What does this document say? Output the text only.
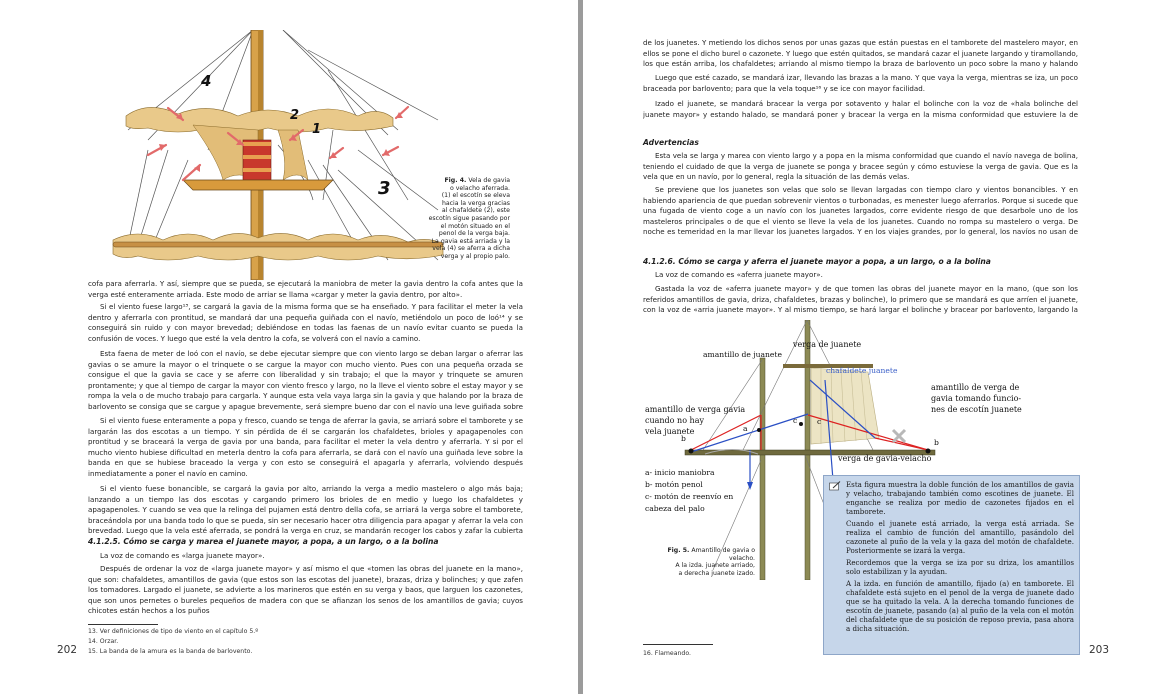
4
2
1
3	Fig. 4. Vela de gavia
o velacho aferrada.
(1) el escotín se eleva
hacia la verga gracias
al chafaldete (2), este
escotín sigue pasando por
el motón situado en el
penol de la verga baja.
La gavia está arriada y la
vela (4) se aferra a dicha
verga y al propio palo.

cofa para aferrarla. Y así, siempre que se pueda, se ejecutará la maniobra de meter la gavia dentro la cofa antes que la verga esté enteramente arriada. Este modo de arriar se llama «cargar y meter la gavia dentro, por alto».

Si el viento fuese largo¹³, se cargará la gavia de la misma forma que se ha enseñado. Y para facilitar el meter la vela dentro y aferrarla con prontitud, se mandará dar una pequeña guiñada con el navío, metiéndolo un poco de loó¹⁴ y se conseguirá sin ruido y con mayor brevedad; debiéndose en todas las faenas de un navío evitar cuanto se pueda la confusión de voces. Y luego que esté la vela dentro la cofa, se volverá con el navío a camino.

Esta faena de meter de loó con el navío, se debe ejecutar siempre que con viento largo se deban largar o aferrar las gavias o se amure la mayor o el trinquete o se cargue la mayor con mucho viento. Pues con una pequeña orzada se consigue el que la gavia se cace y se aferre con liberalidad y sin trabajo; el que la mayor y trinquete se amuren prontamente; y que al tiempo de cargar la mayor con viento fresco y largo, no la lleve el viento sobre el estay mayor y se rompa la vela o de mucho trabajo para cargarla. Y aunque esta vela vaya larga sin la gavia y que halando por la braza de barlovento se consiga que se cargue y apague brevemente, será siempre bueno dar con el navío una leve guiñada sobre

Si el viento fuese enteramente a popa y fresco, cuando se tenga de aferrar la gavia, se arriará sobre el tamborete y se largarán las dos escotas a un tiempo. Y sin pérdida de él se cargarán los chafaldetes, brioles y apagapenoles con prontitud y se braceará la verga de gavia por una banda, para facilitar el meter la vela dentro y aferrarla. Y si por el mucho viento hubiese dificultad en meterla dentro la cofa para aferrarla, se dará con el navío una guiñada leve sobre la banda en que se hubiese braceado la verga y con esto se conseguirá el apagarla y aferrarla, volviendo después inmediatamente a poner el navío en camino.

Si el viento fuese bonancible, se cargará la gavia por alto, arriando la verga a medio mastelero o algo más baja; lanzando a un tiempo las dos escotas y cargando primero los brioles de en medio y luego los chafaldetes y apagapenoles. Y cuando se vea que la relinga del pujamen está dentro della cofa, se arriará la verga sobre el tamborete, braceándola por una banda todo lo que se pueda, sin ser necesario hacer otra diligencia para apagar y aferrar la vela con brevedad. Luego que la vela esté aferrada, se pondrá la verga en cruz, se mandarán recoger los cabos y zafar la cubierta

4.1.2.5. Cómo se carga y marea el juanete mayor, a popa, a un largo, o a la bolina

La voz de comando es «larga juanete mayor».

Después de ordenar la voz de «larga juanete mayor» y así mismo el que «tomen las obras del juanete en la mano», que son: chafaldetes, amantillos de gavia (que estos son las escotas del juanete), brazas, driza y bolinches; y que zafen los tomadores. Largado el juanete, se advierte a los marineros que estén en su verga y baos, que larguen los cazonetes, que son unos pernetes o bureles pequeños de madera con que se afianzan los senos de los amantillos de gavia; cuyos chicotes están hechos a los puños

13. Ver definiciones de tipo de viento en el capítulo 5.º
14. Orzar.
15. La banda de la amura es la banda de barlovento.
202

de los juanetes. Y metiendo los dichos senos por unas gazas que están puestas en el tamborete del mastelero mayor, en ellos se pone el dicho burel o cazonete. Y luego que estén quitados, se mandará cazar el juanete largando y tiramollando, los que están arriba, los chafaldetes; arriando al mismo tiempo la braza de barlovento un poco sobre la mano y halando

Luego que esté cazado, se mandará izar, llevando las brazas a la mano. Y que vaya la verga, mientras se iza, un poco braceada por barlovento; para que la vela toque¹⁶ y se ice con mayor facilidad.

Izado el juanete, se mandará bracear la verga por sotavento y halar el bolinche con la voz de «hala bolinche del juanete mayor» y estando halado, se mandará poner y bracear la verga en la misma conformidad que estuviere la de

Advertencias

Esta vela se larga y marea con viento largo y a popa en la misma conformidad que cuando el navío navega de bolina, teniendo el cuidado de que la verga de juanete se ponga y bracee según y cómo estuviese la verga de gavia. Que es la vela que en un navío, por lo general, regla la situación de las demás velas.

Se previene que los juanetes son velas que solo se llevan largadas con tiempo claro y vientos bonancibles. Y en habiendo apariencia de que puedan sobrevenir vientos o turbonadas, es menester luego aferrarlos. Porque si sucede que una fugada de viento coge a un navío con los juanetes largados, corre evidente riesgo de que desarbole uno de los masteleros principales o de que el viento se lleve la vela de los juanetes. Cuando no rompa su mastelero o verga. De noche es temeridad en la mar llevar los juanetes largados. Y en los viajes grandes, por lo general, los navíos no usan de

4.1.2.6. Cómo se carga y aferra el juanete mayor a popa, a un largo, o a la bolina

La voz de comando es «aferra juanete mayor».

Gastada la voz de «aferra juanete mayor» y de que tomen las obras del juanete mayor en la mano, (que son los referidos amantillos de gavia, driza, chafaldetes, brazas y bolinche), lo primero que se mandará es que arríen el juanete, con la voz de «arria juanete mayor». Y al mismo tiempo, se hará largar el bolinche y bracear por barlovento, largando la

amantillo de juanete
verga de juanete
chafaldete juanete
amantillo de verga gavia
cuando no hay
vela juanete
amantillo de verga de
gavia tomando funcio-
nes de escotín juanete
verga de gavia-velacho
a- inicio maniobra
b- motón penol
c- motón de reenvío en
cabeza del palo
a
b
c	c
b
Fig. 5. Amantillo de gavia o velacho.
A la izda. juanete arriado,
a derecha juanete izado.
16. Flameando.	203

Esta figura muestra la doble función de los amantillos de gavia y velacho, trabajando también como escotines de juanete. El enganche se realiza por medio de cazonetes fijados en el tamborete.

Cuando el juanete está arriado, la verga está arriada. Se realiza el cambio de función del amantillo, pasándolo del cazonete al puño de la vela y la gaza del motón de chafaldete. Posteriormente se izará la verga.

Recordemos que la verga se iza por su driza, los amantillos solo estabilizan y la ayudan.

A la izda. en función de amantillo, fijado (a) en tamborete. El chafaldete está sujeto en el penol de la verga de juanete dado que se ha quitado la vela. A la derecha tomando funciones de escotín de juanete, pasando (a) al puño de la vela con el motón del chafaldete que de su posición de reposo previa, pasa ahora a dicha situación.
